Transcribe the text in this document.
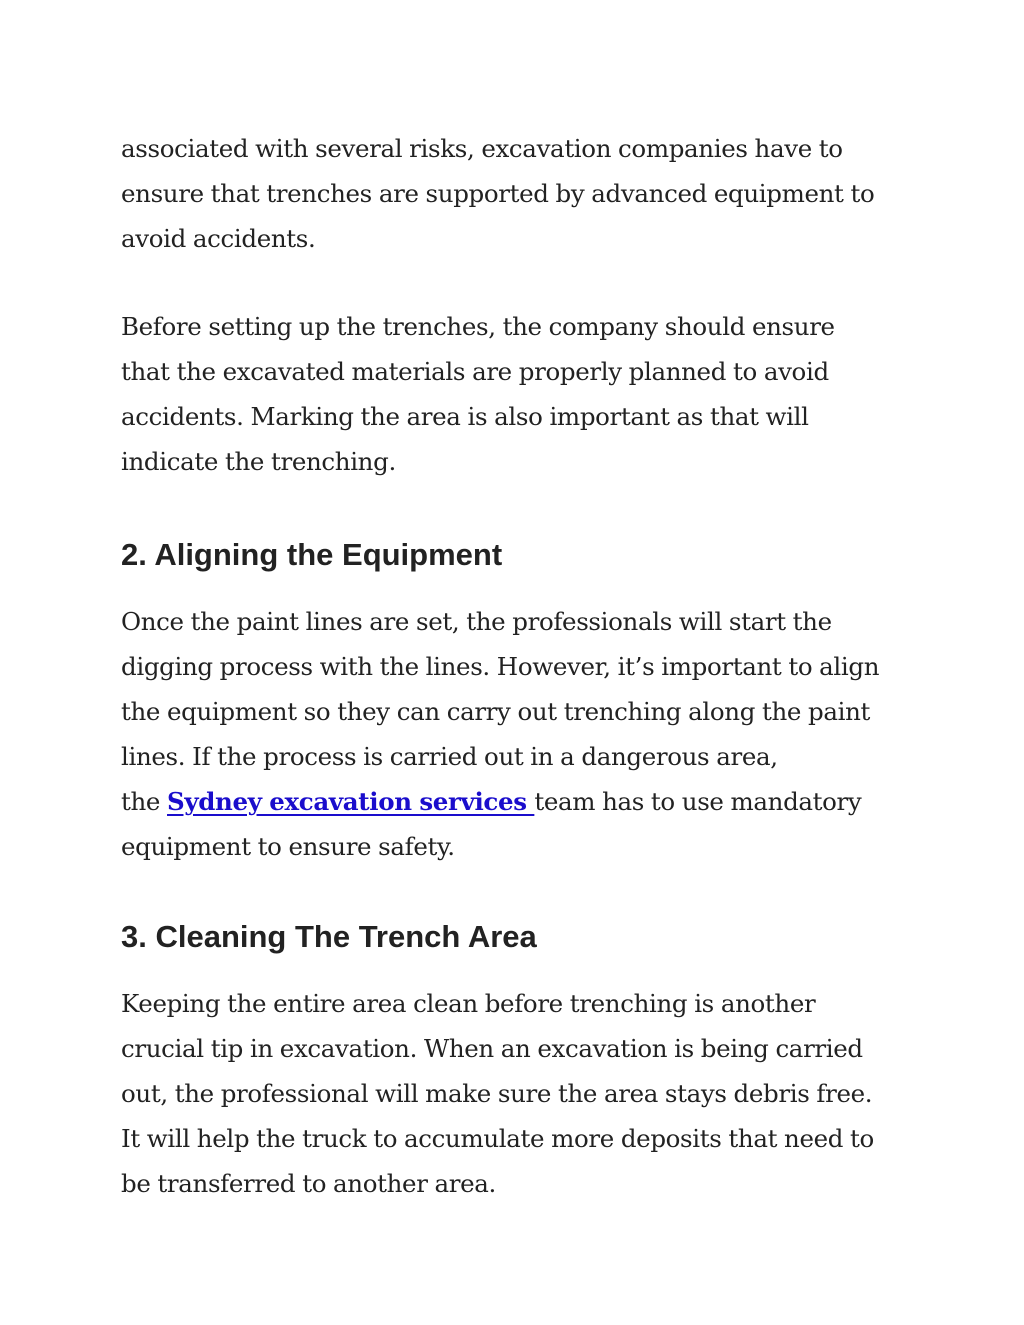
associated with several risks, excavation companies have to
ensure that trenches are supported by advanced equipment to
avoid accidents.

Before setting up the trenches, the company should ensure
that the excavated materials are properly planned to avoid
accidents. Marking the area is also important as that will
indicate the trenching.

2. Aligning the Equipment

Once the paint lines are set, the professionals will start the
digging process with the lines. However, it’s important to align
the equipment so they can carry out trenching along the paint
lines. If the process is carried out in a dangerous area,
the Sydney excavation services team has to use mandatory
equipment to ensure safety.

3. Cleaning The Trench Area

Keeping the entire area clean before trenching is another
crucial tip in excavation. When an excavation is being carried
out, the professional will make sure the area stays debris free.
It will help the truck to accumulate more deposits that need to
be transferred to another area.
